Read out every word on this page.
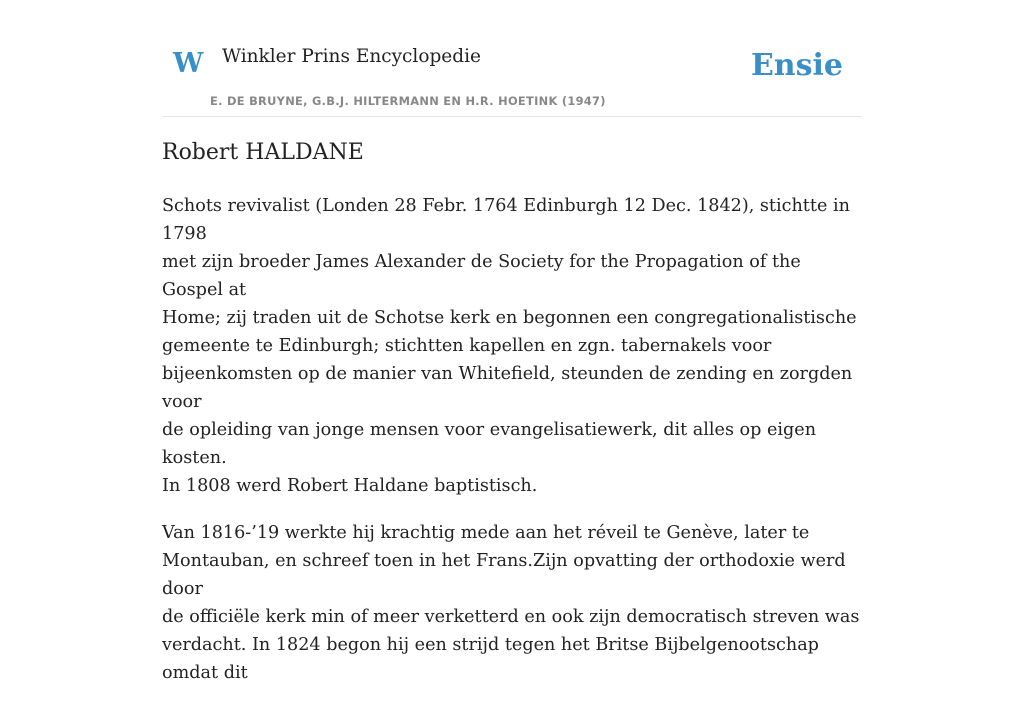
W Winkler Prins Encyclopedie
E. DE BRUYNE, G.B.J. HILTERMANN EN H.R. HOETINK (1947)
Ensie
Robert HALDANE

Schots revivalist (Londen 28 Febr. 1764 Edinburgh 12 Dec. 1842), stichtte in 1798
met zijn broeder James Alexander de Society for the Propagation of the Gospel at
Home; zij traden uit de Schotse kerk en begonnen een congregationalistische
gemeente te Edinburgh; stichtten kapellen en zgn. tabernakels voor
bijeenkomsten op de manier van Whitefield, steunden de zending en zorgden voor
de opleiding van jonge mensen voor evangelisatiewerk, dit alles op eigen kosten.
In 1808 werd Robert Haldane baptistisch.

Van 1816-’19 werkte hij krachtig mede aan het réveil te Genève, later te
Montauban, en schreef toen in het Frans.Zijn opvatting der orthodoxie werd door
de officiële kerk min of meer verketterd en ook zijn democratisch streven was
verdacht. In 1824 begon hij een strijd tegen het Britse Bijbelgenootschap omdat dit
